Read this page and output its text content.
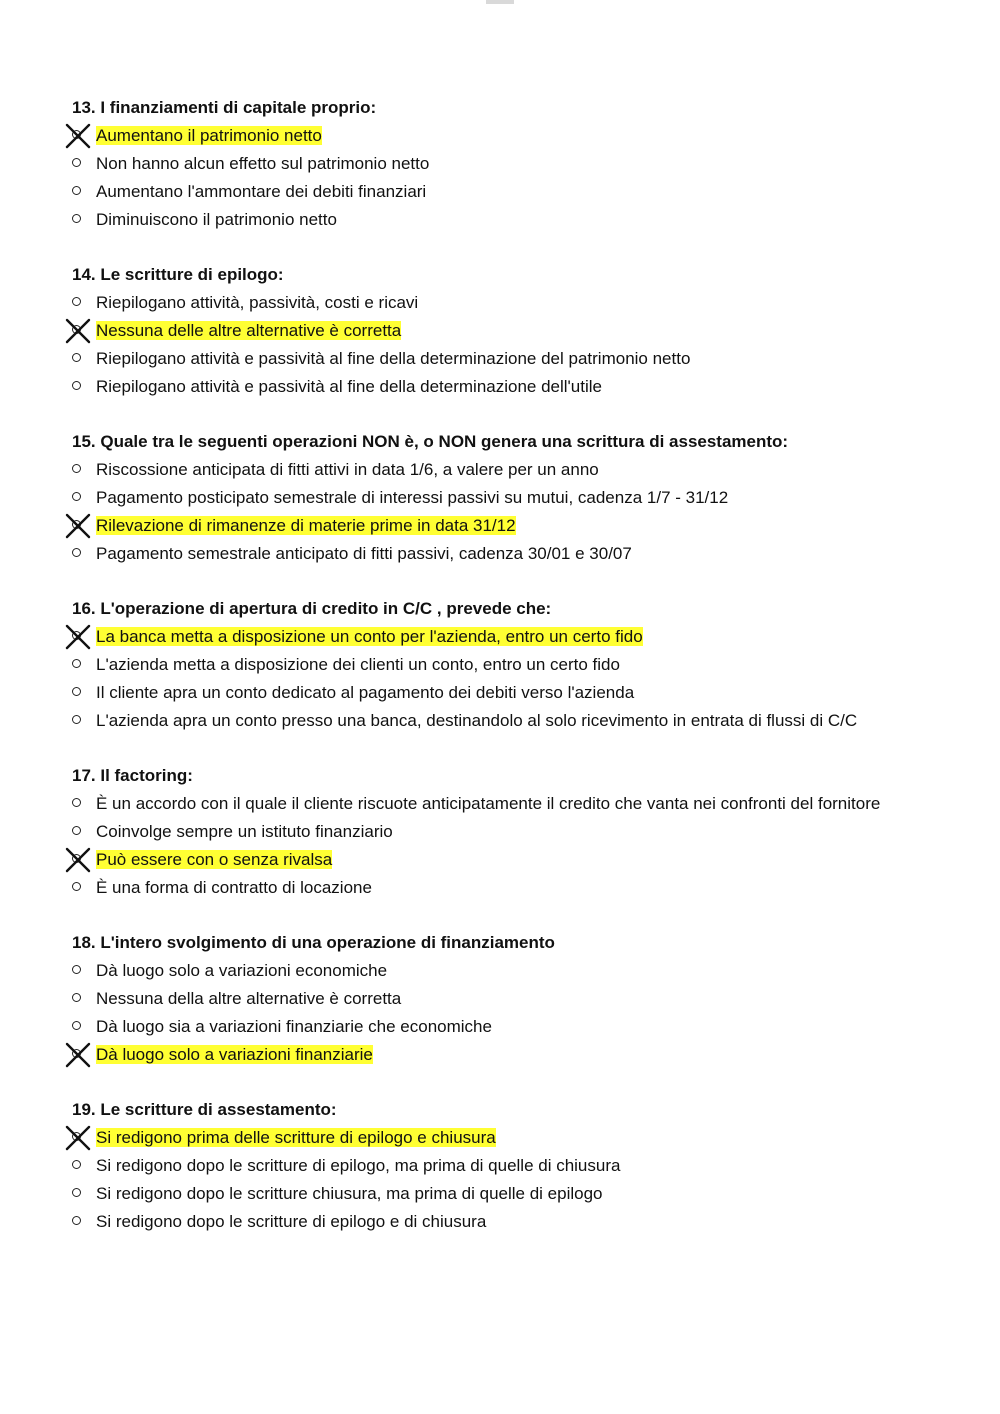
13. I finanziamenti di capitale proprio:
Aumentano il patrimonio netto
Non hanno alcun effetto sul patrimonio netto
Aumentano l'ammontare dei debiti finanziari
Diminuiscono il patrimonio netto
14. Le scritture di epilogo:
Riepilogano attività, passività, costi e ricavi
Nessuna delle altre alternative è corretta
Riepilogano attività e passività al fine della determinazione del patrimonio netto
Riepilogano attività e passività al fine della determinazione dell'utile
15. Quale tra le seguenti operazioni NON è, o NON genera una scrittura di assestamento:
Riscossione anticipata di fitti attivi in data 1/6, a valere per un anno
Pagamento posticipato semestrale di interessi passivi su mutui, cadenza 1/7 - 31/12
Rilevazione di rimanenze di materie prime in data 31/12
Pagamento semestrale anticipato di fitti passivi, cadenza 30/01 e 30/07
16. L'operazione di apertura di credito in C/C , prevede che:
La banca metta a disposizione un conto per l'azienda, entro un certo fido
L'azienda metta a disposizione dei clienti un conto, entro un certo fido
Il cliente apra un conto dedicato al pagamento dei debiti verso l'azienda
L'azienda apra un conto presso una banca, destinandolo al solo ricevimento in entrata di flussi di C/C
17. Il factoring:
È un accordo con il quale il cliente riscuote anticipatamente il credito che vanta nei confronti del fornitore
Coinvolge sempre un istituto finanziario
Può essere con o senza rivalsa
È una forma di contratto di locazione
18. L'intero svolgimento di una operazione di finanziamento
Dà luogo solo a variazioni economiche
Nessuna della altre alternative è corretta
Dà luogo sia a variazioni finanziarie che economiche
Dà luogo solo a variazioni finanziarie
19. Le scritture di assestamento:
Si redigono prima delle scritture di epilogo e chiusura
Si redigono dopo le scritture di epilogo, ma prima di quelle di chiusura
Si redigono dopo le scritture chiusura, ma prima di quelle di epilogo
Si redigono dopo le scritture di epilogo e di chiusura
